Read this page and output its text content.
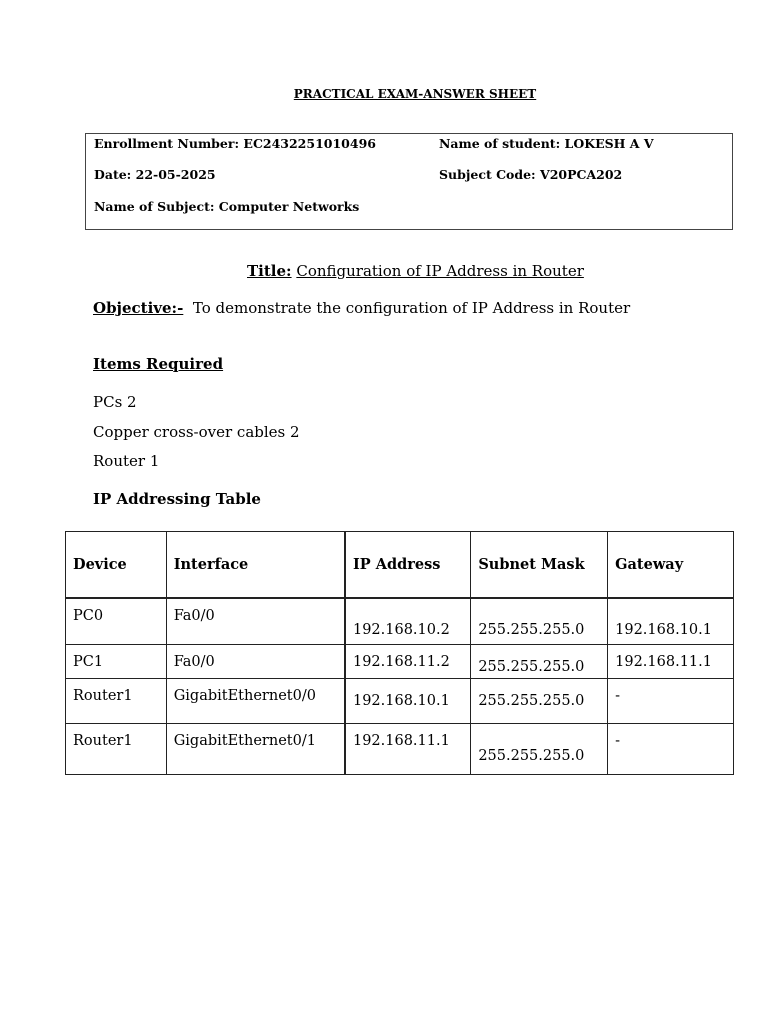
PRACTICAL EXAM-ANSWER SHEET
Enrollment Number: EC2432251010496	Name of student: LOKESH A V
Date: 22-05-2025	Subject Code: V20PCA202
Name of Subject: Computer Networks
Title: Configuration of IP Address in Router
Objective:- To demonstrate the configuration of IP Address in Router
Items Required
PCs 2
Copper cross-over cables 2
Router 1
IP Addressing Table
Device	Interface	IP Address	Subnet Mask	Gateway
PC0	Fa0/0	192.168.10.2	255.255.255.0	192.168.10.1
PC1	Fa0/0	192.168.11.2	255.255.255.0	192.168.11.1
Router1	GigabitEthernet0/0	192.168.10.1	255.255.255.0	-
Router1	GigabitEthernet0/1	192.168.11.1	255.255.255.0	-
